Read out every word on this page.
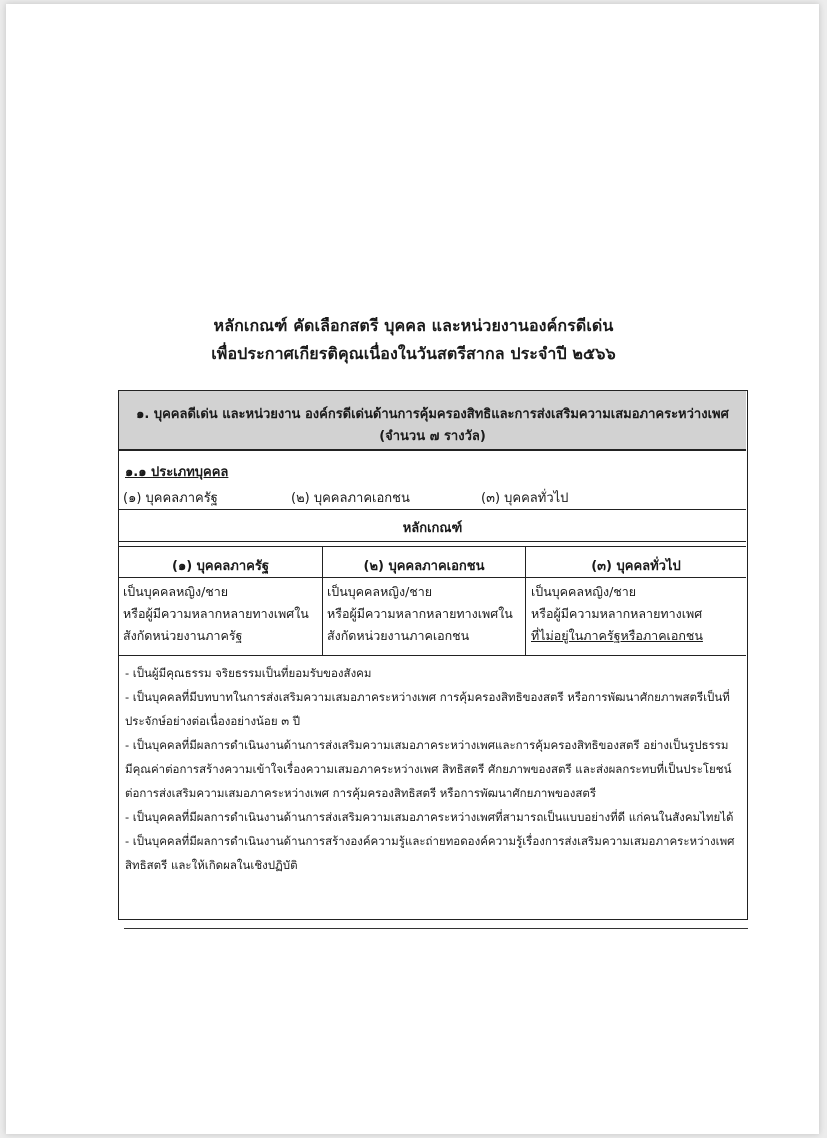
หลักเกณฑ์ คัดเลือกสตรี บุคคล และหน่วยงานองค์กรดีเด่น
เพื่อประกาศเกียรติคุณเนื่องในวันสตรีสากล ประจำปี ๒๕๖๖
๑. บุคคลดีเด่น และหน่วยงาน องค์กรดีเด่นด้านการคุ้มครองสิทธิและการส่งเสริมความเสมอภาคระหว่างเพศ
(จำนวน ๗ รางวัล)
๑.๑ ประเภทบุคคล
(๑) บุคคลภาครัฐ	(๒) บุคคลภาคเอกชน	(๓) บุคคลทั่วไป
หลักเกณฑ์
(๑) บุคคลภาครัฐ	(๒) บุคคลภาคเอกชน	(๓) บุคคลทั่วไป
เป็นบุคคลหญิง/ชาย
หรือผู้มีความหลากหลายทางเพศใน
สังกัดหน่วยงานภาครัฐ
เป็นบุคคลหญิง/ชาย
หรือผู้มีความหลากหลายทางเพศใน
สังกัดหน่วยงานภาคเอกชน
เป็นบุคคลหญิง/ชาย
หรือผู้มีความหลากหลายทางเพศ
ที่ไม่อยู่ในภาครัฐหรือภาคเอกชน

- เป็นผู้มีคุณธรรม จริยธรรมเป็นที่ยอมรับของสังคม

- เป็นบุคคลที่มีบทบาทในการส่งเสริมความเสมอภาคระหว่างเพศ การคุ้มครองสิทธิของสตรี หรือการพัฒนาศักยภาพสตรีเป็นที่

ประจักษ์อย่างต่อเนื่องอย่างน้อย ๓ ปี

- เป็นบุคคลที่มีผลการดำเนินงานด้านการส่งเสริมความเสมอภาคระหว่างเพศและการคุ้มครองสิทธิของสตรี อย่างเป็นรูปธรรม

มีคุณค่าต่อการสร้างความเข้าใจเรื่องความเสมอภาคระหว่างเพศ สิทธิสตรี ศักยภาพของสตรี และส่งผลกระทบที่เป็นประโยชน์

ต่อการส่งเสริมความเสมอภาคระหว่างเพศ การคุ้มครองสิทธิสตรี หรือการพัฒนาศักยภาพของสตรี

- เป็นบุคคลที่มีผลการดำเนินงานด้านการส่งเสริมความเสมอภาคระหว่างเพศที่สามารถเป็นแบบอย่างที่ดี แก่คนในสังคมไทยได้

- เป็นบุคคลที่มีผลการดำเนินงานด้านการสร้างองค์ความรู้และถ่ายทอดองค์ความรู้เรื่องการส่งเสริมความเสมอภาคระหว่างเพศ

สิทธิสตรี และให้เกิดผลในเชิงปฏิบัติ
